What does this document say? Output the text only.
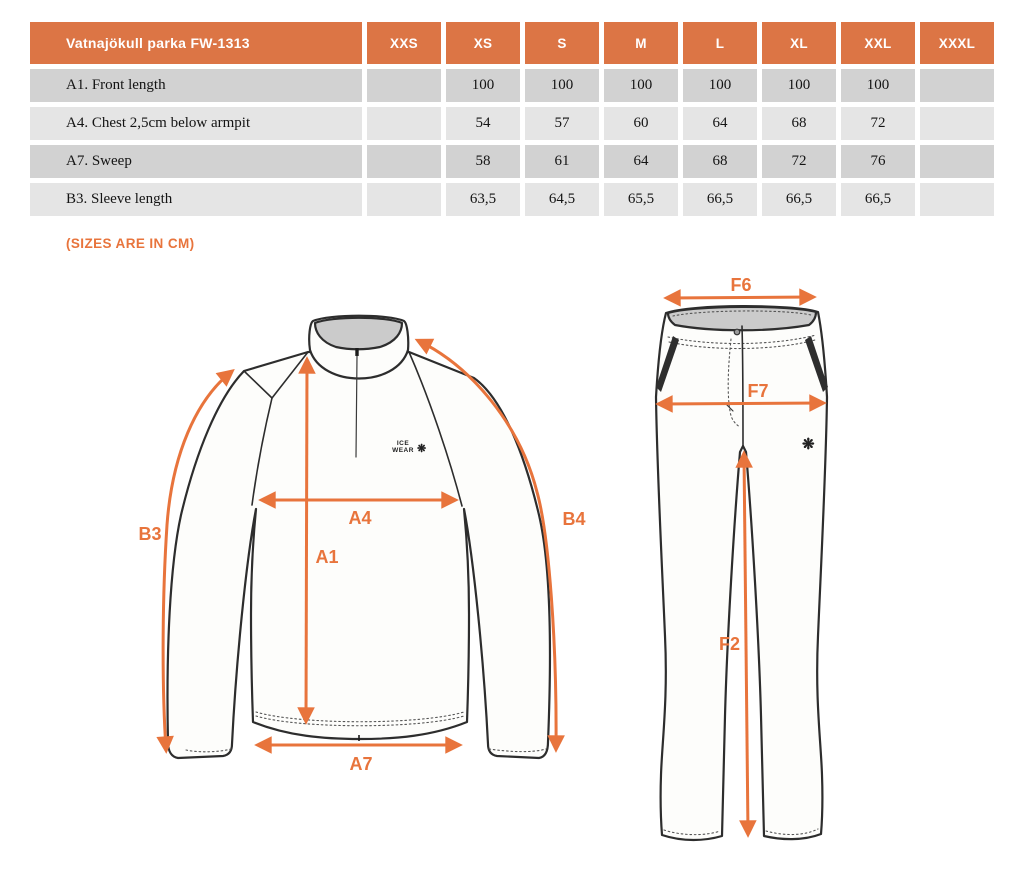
Vatnajökull parka FW-1313	XXS	XS	S	M	L	XL	XXL	XXXL
A1. Front length		100	100	100	100	100	100	
A4. Chest 2,5cm below armpit		54	57	60	64	68	72	
A7. Sweep		58	61	64	68	72	76	
B3. Sleeve length		63,5	64,5	65,5	66,5	66,5	66,5	
(SIZES ARE IN CM)
ICE
WEAR ❋
A4
A1
A7
B3
B4
❋
F6
F7
F2
